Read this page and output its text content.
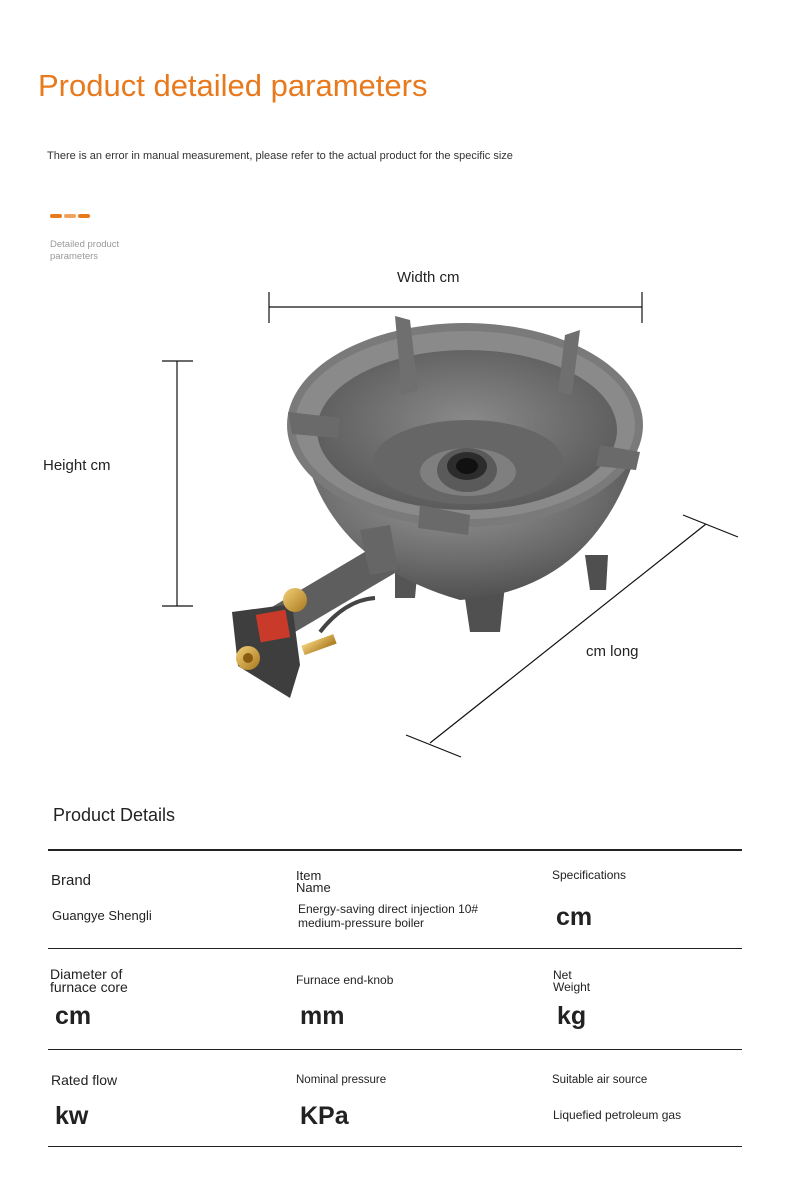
Product detailed parameters
There is an error in manual measurement, please refer to the actual product for the specific size
Detailed product parameters
Width cm
Height cm
cm long
Product Details
Brand
Guangye Shengli
Item Name
Energy-saving direct injection 10# medium-pressure boiler
Specifications
cm
Diameter of furnace core
cm
Furnace end-knob
mm
Net Weight
kg
Rated flow
kw
Nominal pressure
KPa
Suitable air source
Liquefied petroleum gas
